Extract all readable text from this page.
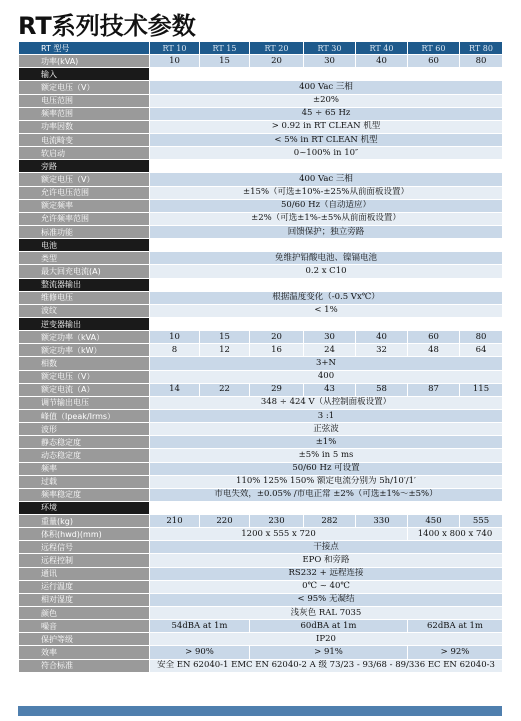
RT系列技术参数
RT 型号	RT 10	RT 15	RT 20	RT 30	RT 40	RT 60	RT 80
功率(kVA)	10	15	20	30	40	60	80
输入							
额定电压（V）	400 Vac 三相						
电压范围	±20%						
频率范围	45 ÷ 65 Hz						
功率因数	> 0.92 in RT CLEAN 机型						
电流畸变	< 5% in RT CLEAN 机型						
软启动	0~100% in 10″						
旁路							
额定电压（V）	400 Vac 三相						
允许电压范围	±15%（可选±10%-±25%从前面板设置）						
额定频率	50/60 Hz（自动适应）						
允许频率范围	±2%（可选±1%-±5%从前面板设置）						
标准功能	回馈保护；独立旁路						
电池							
类型	免维护铅酸电池、镍镉电池						
最大回充电流(A)	0.2 x C10						
整流器输出							
维修电压	根据温度变化（-0.5 Vx℃）						
波纹	< 1%						
逆变器输出							
额定功率（kVA）	10	15	20	30	40	60	80
额定功率（kW）	8	12	16	24	32	48	64
相数	3+N						
额定电压（V）	400						
额定电流（A）	14	22	29	43	58	87	115
调节输出电压	348 ÷ 424 V（从控制面板设置）						
峰值（Ipeak/Irms）	3 :1						
波形	正弦波						
静态稳定度	±1%						
动态稳定度	±5% in 5 ms						
频率	50/60 Hz 可设置						
过载	110% 125% 150% 额定电流分别为 5h/10′/1′						
频率稳定度	市电失效，±0.05% /市电正常 ±2%（可选±1%～±5%）						
环境							
重量(kg)	210	220	230	282	330	450	555
体积(hwd)(mm)	1200 x 555 x 720					1400 x 800 x 740	
远程信号	干接点						
远程控制	EPO 和旁路						
通讯	RS232 + 远程连接						
运行温度	0℃ ~ 40℃						
相对湿度	< 95% 无凝结						
颜色	浅灰色 RAL 7035						
噪音	54dBA at 1m		60dBA at 1m			62dBA at 1m	
保护等级	IP20						
效率	> 90%		> 91%			> 92%	
符合标准	安全 EN 62040-1 EMC EN 62040-2 A 级 73/23 - 93/68 - 89/336 EC EN 62040-3						
